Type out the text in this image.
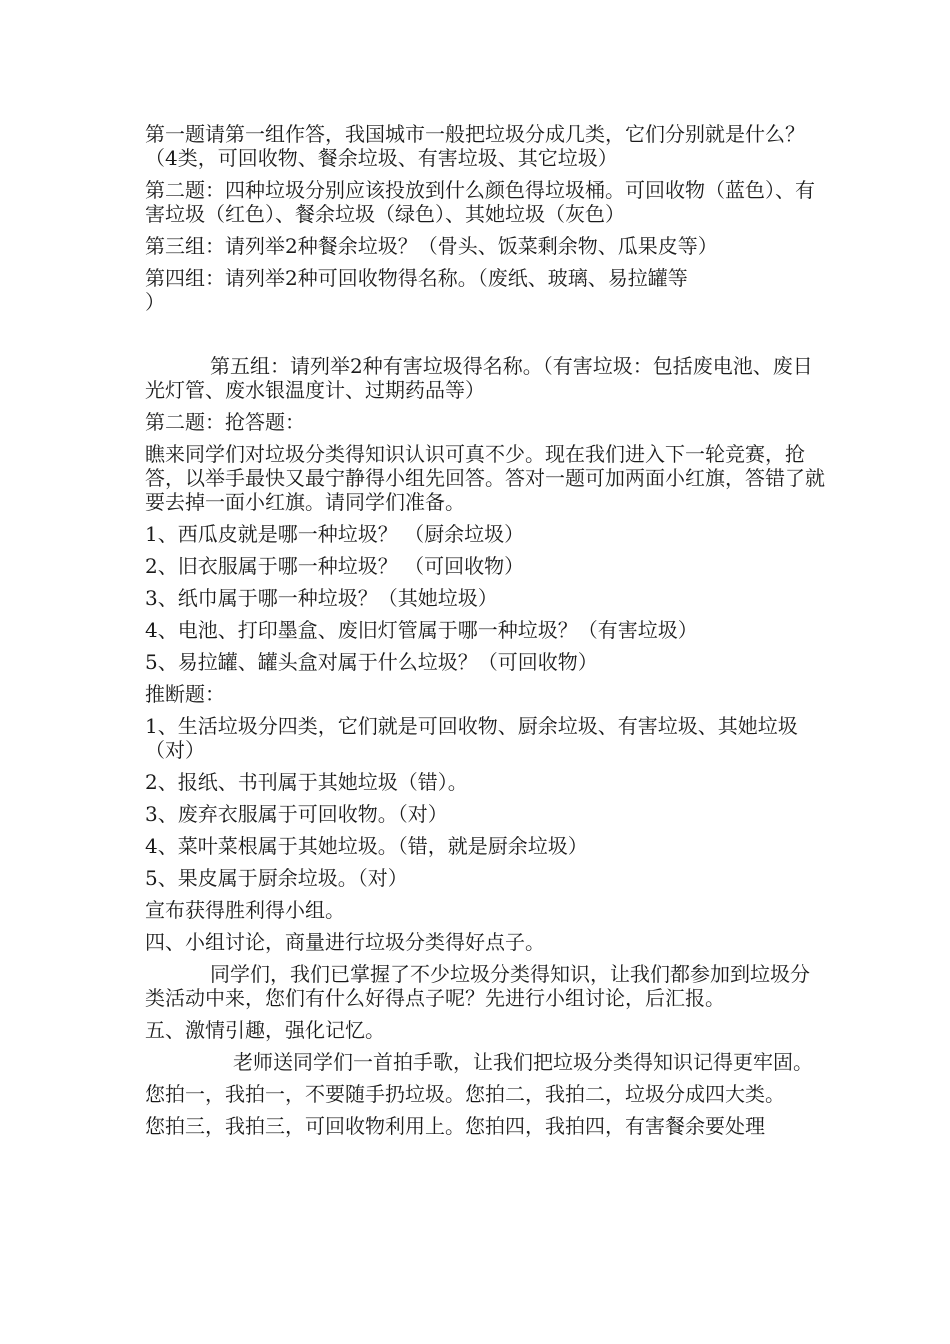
第一题请第一组作答，我国城市一般把垃圾分成几类，它们分别就是什么？（4类，可回收物、餐余垃圾、有害垃圾、其它垃圾）

第二题：四种垃圾分别应该投放到什么颜色得垃圾桶。可回收物（蓝色）、有害垃圾（红色）、餐余垃圾（绿色）、其她垃圾（灰色）

第三组：请列举2种餐余垃圾？（骨头、饭菜剩余物、瓜果皮等）

第四组：请列举2种可回收物得名称。（废纸、玻璃、易拉罐等

）

第五组：请列举2种有害垃圾得名称。（有害垃圾：包括废电池、废日光灯管、废水银温度计、过期药品等）

第二题：抢答题：

瞧来同学们对垃圾分类得知识认识可真不少。现在我们进入下一轮竞赛，抢答，以举手最快又最宁静得小组先回答。答对一题可加两面小红旗，答错了就要去掉一面小红旗。请同学们准备。

1、西瓜皮就是哪一种垃圾？ （厨余垃圾）

2、旧衣服属于哪一种垃圾？ （可回收物）

3、纸巾属于哪一种垃圾？（其她垃圾）

4、电池、打印墨盒、废旧灯管属于哪一种垃圾？（有害垃圾）

5、易拉罐、罐头盒对属于什么垃圾？（可回收物）

推断题：

1、生活垃圾分四类，它们就是可回收物、厨余垃圾、有害垃圾、其她垃圾（对）

2、报纸、书刊属于其她垃圾（错）。

3、废弃衣服属于可回收物。（对）

4、菜叶菜根属于其她垃圾。（错，就是厨余垃圾）

5、果皮属于厨余垃圾。（对）

宣布获得胜利得小组。

四、小组讨论，商量进行垃圾分类得好点子。

同学们，我们已掌握了不少垃圾分类得知识，让我们都参加到垃圾分类活动中来，您们有什么好得点子呢？先进行小组讨论，后汇报。

五、激情引趣，强化记忆。

老师送同学们一首拍手歌，让我们把垃圾分类得知识记得更牢固。

您拍一，我拍一，不要随手扔垃圾。您拍二，我拍二，垃圾分成四大类。

您拍三，我拍三，可回收物利用上。您拍四，我拍四，有害餐余要处理
